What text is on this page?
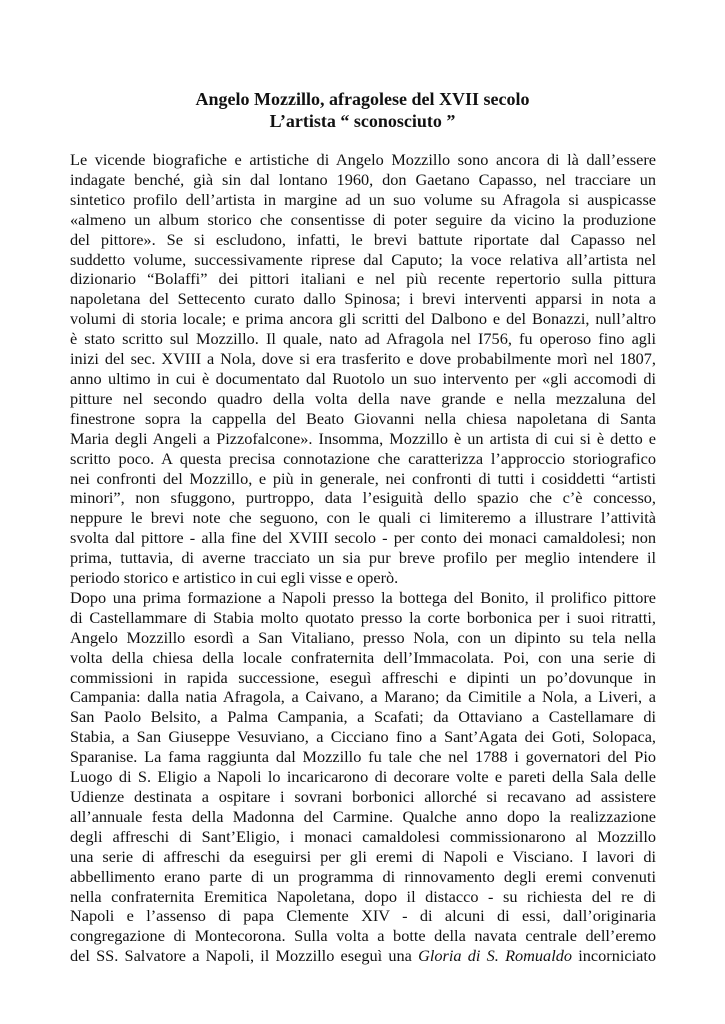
Angelo Mozzillo, afragolese del XVII secolo
L’artista “ sconosciuto ”
Le vicende biografiche e artistiche di Angelo Mozzillo sono ancora di là dall’essere
indagate benché, già sin dal lontano 1960, don Gaetano Capasso, nel tracciare un
sintetico profilo dell’artista in margine ad un suo volume su Afragola si auspicasse
«almeno un album storico che consentisse di poter seguire da vicino la produzione
del pittore». Se si escludono, infatti, le brevi battute riportate dal Capasso nel
suddetto volume, successivamente riprese dal Caputo; la voce relativa all’artista nel
dizionario “Bolaffi” dei pittori italiani e nel più recente repertorio sulla pittura
napoletana del Settecento curato dallo Spinosa; i brevi interventi apparsi in nota a
volumi di storia locale; e prima ancora gli scritti del Dalbono e del Bonazzi, null’altro
è stato scritto sul Mozzillo. Il quale, nato ad Afragola nel I756, fu operoso fino agli
inizi del sec. XVIII a Nola, dove si era trasferito e dove probabilmente morì nel 1807,
anno ultimo in cui è documentato dal Ruotolo un suo intervento per «gli accomodi di
pitture nel secondo quadro della volta della nave grande e nella mezzaluna del
finestrone sopra la cappella del Beato Giovanni nella chiesa napoletana di Santa
Maria degli Angeli a Pizzofalcone». Insomma, Mozzillo è un artista di cui si è detto e
scritto poco. A questa precisa connotazione che caratterizza l’approccio storiografico
nei confronti del Mozzillo, e più in generale, nei confronti di tutti i cosiddetti “artisti
minori”, non sfuggono, purtroppo, data l’esiguità dello spazio che c’è concesso,
neppure le brevi note che seguono, con le quali ci limiteremo a illustrare l’attività
svolta dal pittore - alla fine del XVIII secolo - per conto dei monaci camaldolesi; non
prima, tuttavia, di averne tracciato un sia pur breve profilo per meglio intendere il
periodo storico e artistico in cui egli visse e operò.
Dopo una prima formazione a Napoli presso la bottega del Bonito, il prolifico pittore
di Castellammare di Stabia molto quotato presso la corte borbonica per i suoi ritratti,
Angelo Mozzillo esordì a San Vitaliano, presso Nola, con un dipinto su tela nella
volta della chiesa della locale confraternita dell’Immacolata. Poi, con una serie di
commissioni in rapida successione, eseguì affreschi e dipinti un po’dovunque in
Campania: dalla natia Afragola, a Caivano, a Marano; da Cimitile a Nola, a Liveri, a
San Paolo Belsito, a Palma Campania, a Scafati; da Ottaviano a Castellamare di
Stabia, a San Giuseppe Vesuviano, a Cicciano fino a Sant’Agata dei Goti, Solopaca,
Sparanise. La fama raggiunta dal Mozzillo fu tale che nel 1788 i governatori del Pio
Luogo di S. Eligio a Napoli lo incaricarono di decorare volte e pareti della Sala delle
Udienze destinata a ospitare i sovrani borbonici allorché si recavano ad assistere
all’annuale festa della Madonna del Carmine. Qualche anno dopo la realizzazione
degli affreschi di Sant’Eligio, i monaci camaldolesi commissionarono al Mozzillo
una serie di affreschi da eseguirsi per gli eremi di Napoli e Visciano. I lavori di
abbellimento erano parte di un programma di rinnovamento degli eremi convenuti
nella confraternita Eremitica Napoletana, dopo il distacco - su richiesta del re di
Napoli e l’assenso di papa Clemente XIV - di alcuni di essi, dall’originaria
congregazione di Montecorona. Sulla volta a botte della navata centrale dell’eremo
del SS. Salvatore a Napoli, il Mozzillo eseguì una Gloria di S. Romualdo incorniciato
